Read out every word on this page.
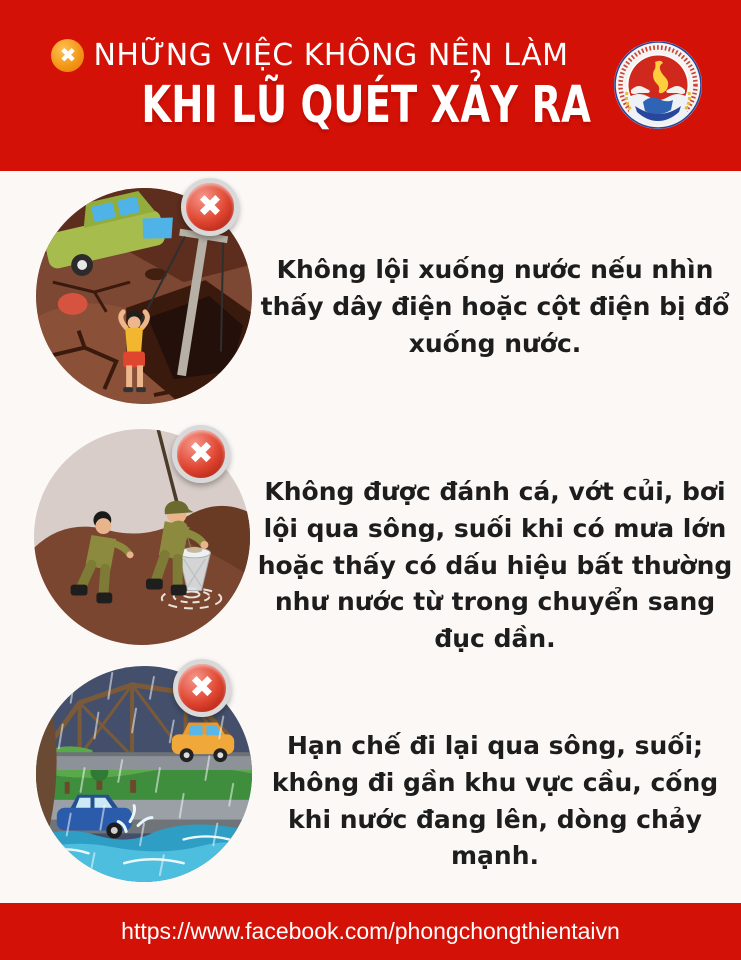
✖ NHỮNG VIỆC KHÔNG NÊN LÀM
KHI LŨ QUÉT XẢY RA
✖
Không lội xuống nước nếu nhìn thấy dây điện hoặc cột điện bị đổ xuống nước.
✖
Không được đánh cá, vớt củi, bơi lội qua sông, suối khi có mưa lớn hoặc thấy có dấu hiệu bất thường như nước từ trong chuyển sang đục dần.
✖
Hạn chế đi lại qua sông, suối; không đi gần khu vực cầu, cống khi nước đang lên, dòng chảy mạnh.
https://www.facebook.com/phongchongthientaivn
